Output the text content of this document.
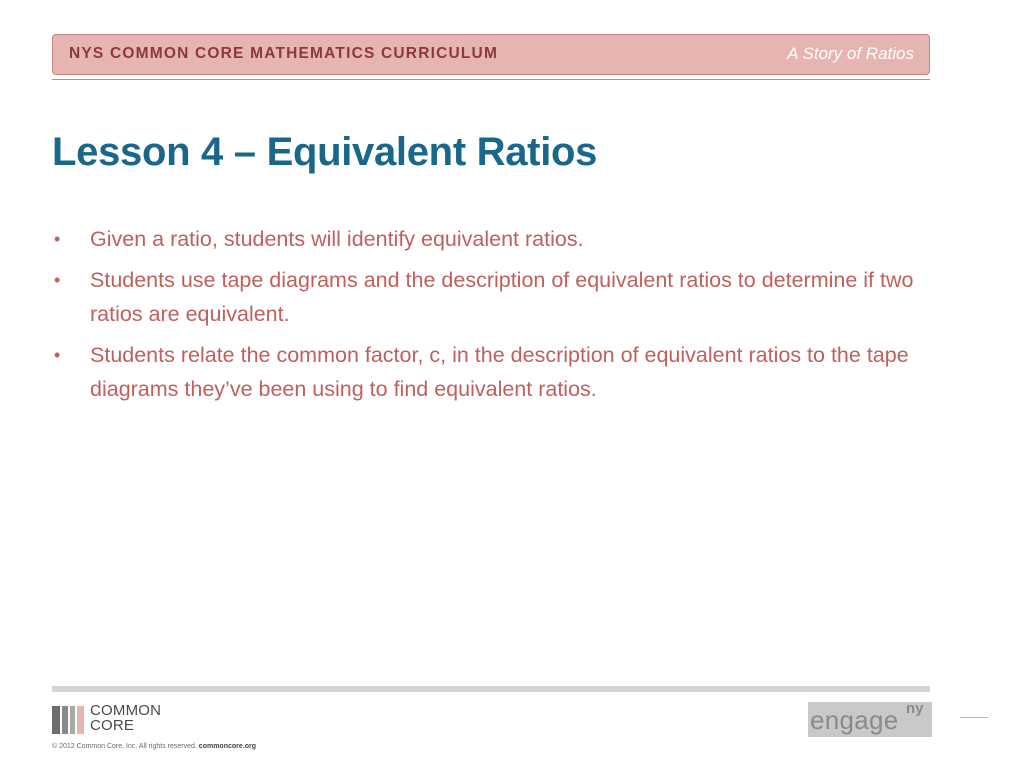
NYS COMMON CORE MATHEMATICS CURRICULUM	A Story of Ratios
Lesson 4 – Equivalent Ratios
• Given a ratio, students will identify equivalent ratios.
• Students use tape diagrams and the description of equivalent ratios to determine if two ratios are equivalent.
• Students relate the common factor, c, in the description of equivalent ratios to the tape diagrams they’ve been using to find equivalent ratios.
COMMON
CORE
© 2012 Common Core, Inc. All rights reserved. commoncore.org
engage ny
